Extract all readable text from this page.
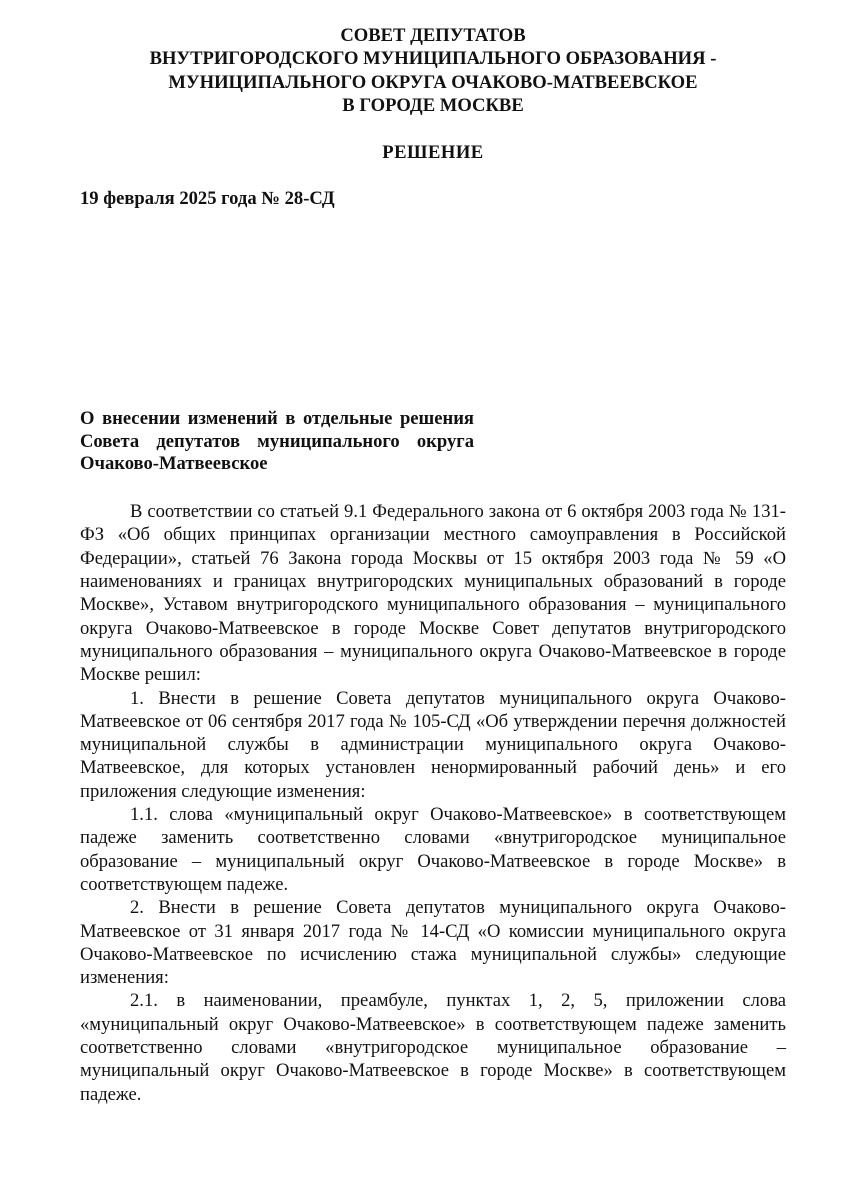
СОВЕТ ДЕПУТАТОВ
ВНУТРИГОРОДСКОГО МУНИЦИПАЛЬНОГО ОБРАЗОВАНИЯ -
МУНИЦИПАЛЬНОГО ОКРУГА ОЧАКОВО-МАТВЕЕВСКОЕ
В ГОРОДЕ МОСКВЕ
РЕШЕНИЕ
19 февраля 2025 года № 28-СД
О внесении изменений в отдельные решения Совета депутатов муниципального округа Очаково-Матвеевское

В соответствии со статьей 9.1 Федерального закона от 6 октября 2003 года № 131-ФЗ «Об общих принципах организации местного самоуправления в Российской Федерации», статьей 76 Закона города Москвы от 15 октября 2003 года № 59 «О наименованиях и границах внутригородских муниципальных образований в городе Москве», Уставом внутригородского муниципального образования – муниципального округа Очаково-Матвеевское в городе Москве Совет депутатов внутригородского муниципального образования – муниципального округа Очаково-Матвеевское в городе Москве решил:

1. Внести в решение Совета депутатов муниципального округа Очаково-Матвеевское от 06 сентября 2017 года № 105-СД «Об утверждении перечня должностей муниципальной службы в администрации муниципального округа Очаково-Матвеевское, для которых установлен ненормированный рабочий день» и его приложения следующие изменения:

1.1. слова «муниципальный округ Очаково-Матвеевское» в соответствующем падеже заменить соответственно словами «внутригородское муниципальное образование – муниципальный округ Очаково-Матвеевское в городе Москве» в соответствующем падеже.

2. Внести в решение Совета депутатов муниципального округа Очаково-Матвеевское от 31 января 2017 года № 14-СД «О комиссии муниципального округа Очаково-Матвеевское по исчислению стажа муниципальной службы» следующие изменения:

2.1. в наименовании, преамбуле, пунктах 1, 2, 5, приложении слова «муниципальный округ Очаково-Матвеевское» в соответствующем падеже заменить соответственно словами «внутригородское муниципальное образование – муниципальный округ Очаково-Матвеевское в городе Москве» в соответствующем падеже.
